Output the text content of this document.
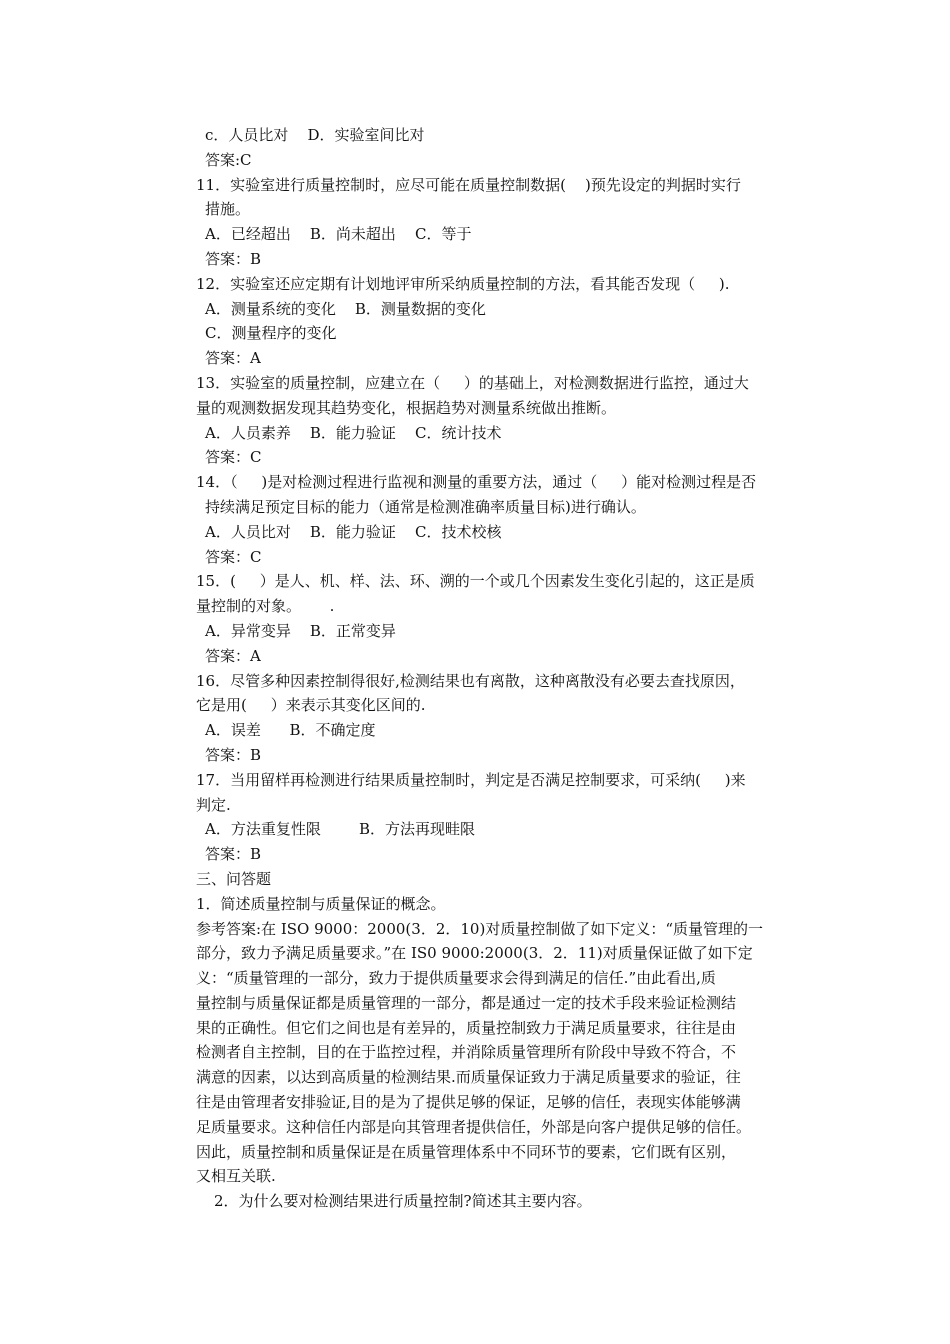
c．人员比对    D．实验室间比对
答案:C
11．实验室进行质量控制时，应尽可能在质量控制数据(    )预先设定的判据时实行
措施。
A．已经超出    B．尚未超出    C．等于
答案：B
12．实验室还应定期有计划地评审所采纳质量控制的方法，看其能否发现（     ).
A．测量系统的变化    B．测量数据的变化
C．测量程序的变化
答案：A
13．实验室的质量控制，应建立在（     ）的基础上，对检测数据进行监控，通过大
量的观测数据发现其趋势变化，根据趋势对测量系统做出推断。
A．人员素养    B．能力验证    C．统计技术
答案：C
14．（     )是对检测过程进行监视和测量的重要方法，通过（     ）能对检测过程是否
持续满足预定目标的能力（通常是检测准确率质量目标)进行确认。
A．人员比对    B．能力验证    C．技术校核
答案：C
15．(     ）是人、机、样、法、环、溯的一个或几个因素发生变化引起的，这正是质
量控制的对象。      .
A．异常变异    B．正常变异
答案：A
16．尽管多种因素控制得很好,检测结果也有离散，这种离散没有必要去查找原因，
它是用(     ）来表示其变化区间的.
A．误差      B．不确定度
答案：B
17．当用留样再检测进行结果质量控制时，判定是否满足控制要求，可采纳(     )来
判定.
A．方法重复性限        B．方法再现畦限
答案：B
三、问答题
1．简述质量控制与质量保证的概念。
参考答案:在 ISO 9000：2000(3．2．10)对质量控制做了如下定义：“质量管理的一
部分，致力予满足质量要求。”在 IS0 9000:2000(3．2．11)对质量保证做了如下定
义：“质量管理的一部分，致力于提供质量要求会得到满足的信任.”由此看出,质
量控制与质量保证都是质量管理的一部分，都是通过一定的技术手段来验证检测结
果的正确性。但它们之间也是有差异的，质量控制致力于满足质量要求，往往是由
检测者自主控制，目的在于监控过程，并消除质量管理所有阶段中导致不符合，不
满意的因素，以达到高质量的检测结果.而质量保证致力于满足质量要求的验证，往
往是由管理者安排验证,目的是为了提供足够的保证，足够的信任，表现实体能够满
足质量要求。这种信任内部是向其管理者提供信任，外部是向客户提供足够的信任。
因此，质量控制和质量保证是在质量管理体系中不同环节的要素，它们既有区别，
又相互关联.
2．为什么要对检测结果进行质量控制?简述其主要内容。
